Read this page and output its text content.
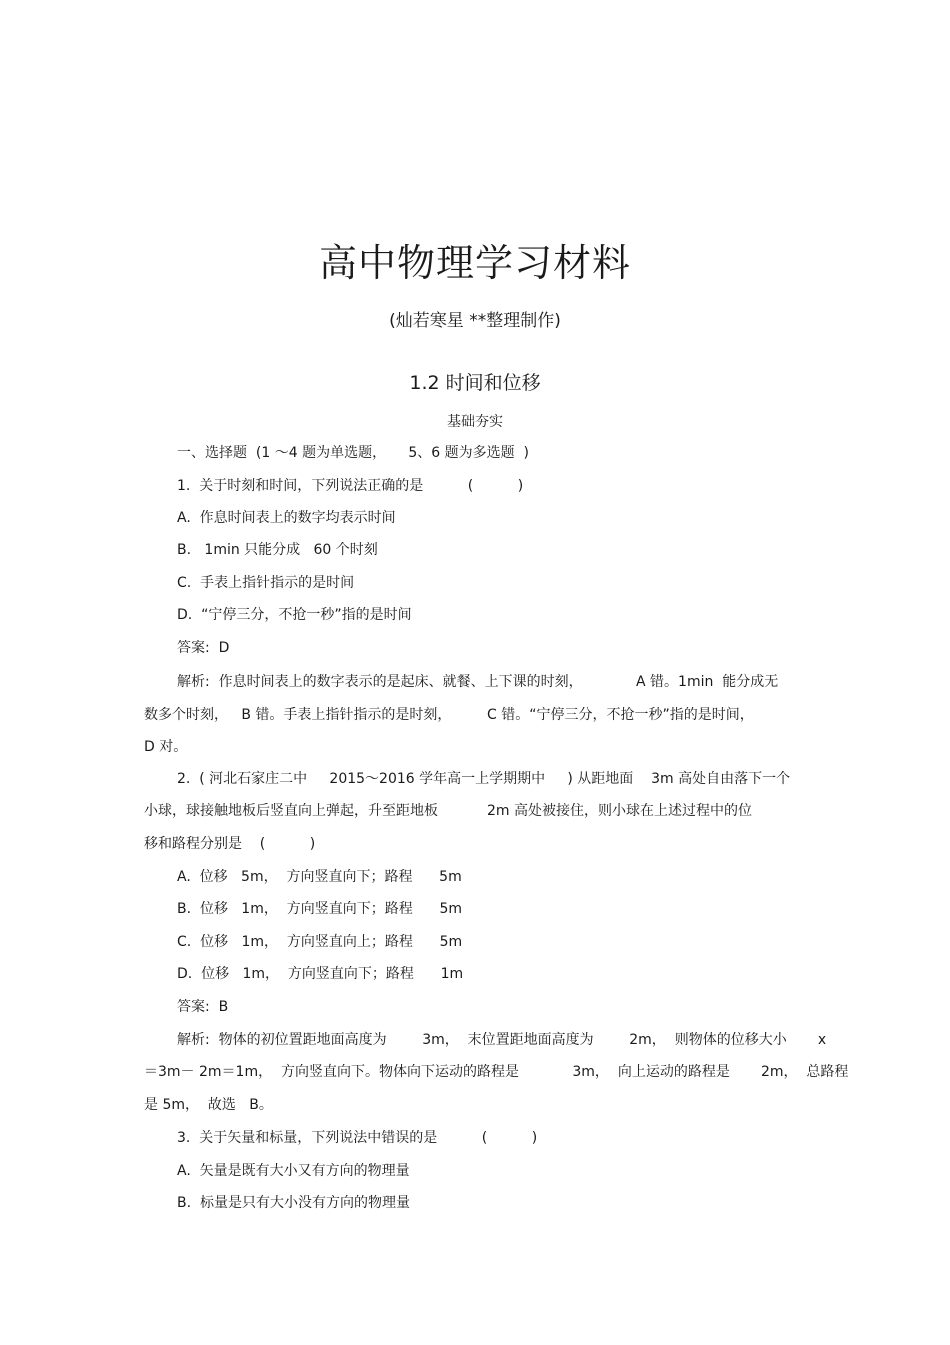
高中物理学习材料
(灿若寒星 **整理制作)
1.2 时间和位移
基础夯实
一、选择题  (1 ～4 题为单选题，     5、6 题为多选题  )
1.  关于时刻和时间，下列说法正确的是          (          )
A.  作息时间表上的数字均表示时间
B.   1min 只能分成   60 个时刻
C.  手表上指针指示的是时间
D.  “宁停三分，不抢一秒”指的是时间
答案:  D
解析:  作息时间表上的数字表示的是起床、就餐、上下课的时刻，            A 错。1min  能分成无
数多个时刻，   B 错。手表上指针指示的是时刻，        C 错。“宁停三分，不抢一秒”指的是时间，
D 对。
2.  ( 河北石家庄二中     2015～2016 学年高一上学期期中     ) 从距地面    3m 高处自由落下一个
小球，球接触地板后竖直向上弹起，升至距地板           2m 高处被接住，则小球在上述过程中的位
移和路程分别是    (          )
A.  位移   5m，  方向竖直向下；路程      5m
B.  位移   1m，  方向竖直向下；路程      5m
C.  位移   1m，  方向竖直向上；路程      5m
D.  位移   1m，  方向竖直向下；路程      1m
答案:  B
解析:  物体的初位置距地面高度为        3m，  末位置距地面高度为        2m，  则物体的位移大小       x
＝3m－ 2m＝1m，  方向竖直向下。物体向下运动的路程是            3m，  向上运动的路程是       2m，  总路程
是 5m，  故选   B。
3.  关于矢量和标量，下列说法中错误的是          (          )
A.  矢量是既有大小又有方向的物理量
B.  标量是只有大小没有方向的物理量
